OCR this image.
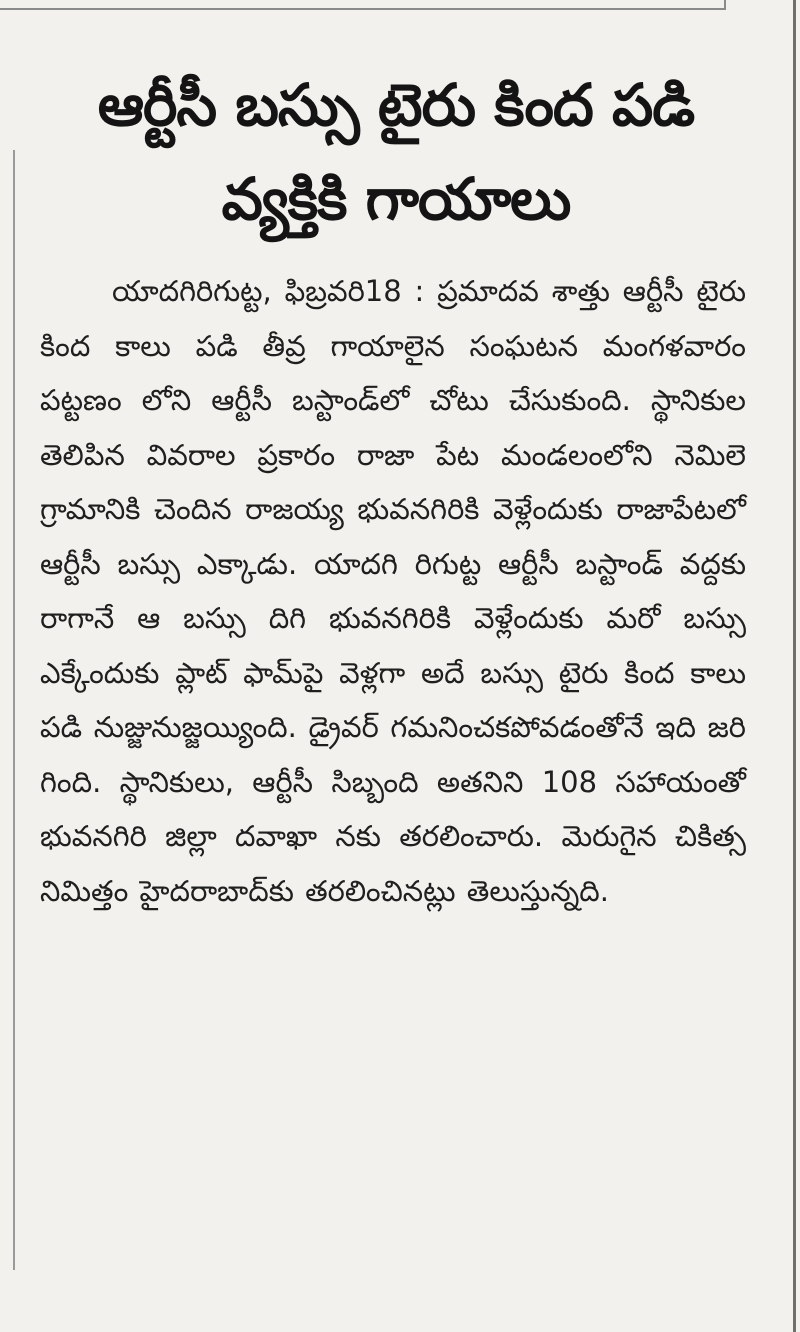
ఆర్టీసీ బస్సు టైరు కింద పడి
వ్యక్తికి గాయాలు

యాదగిరిగుట్ట, ఫిబ్రవరి18 : ప్రమాదవ శాత్తు ఆర్టీసీ టైరు కింద కాలు పడి తీవ్ర గాయాలైన సంఘటన మంగళవారం పట్టణం లోని ఆర్టీసీ బస్టాండ్‌లో చోటు చేసుకుంది. స్థానికుల తెలిపిన వివరాల ప్రకారం రాజా పేట మండలంలోని నెమిలె గ్రామానికి చెందిన రాజయ్య భువనగిరికి వెళ్లేందుకు రాజాపేటలో ఆర్టీసీ బస్సు ఎక్కాడు. యాదగి రిగుట్ట ఆర్టీసీ బస్టాండ్ వద్దకు రాగానే ఆ బస్సు దిగి భువనగిరికి వెళ్లేందుకు మరో బస్సు ఎక్కేందుకు ప్లాట్ ఫామ్‌పై వెళ్లగా అదే బస్సు టైరు కింద కాలు పడి నుజ్జునుజ్జయ్యింది. డ్రైవర్ గమనించకపోవడంతోనే ఇది జరి గింది. స్థానికులు, ఆర్టీసీ సిబ్బంది అతనిని 108 సహాయంతో భువనగిరి జిల్లా దవాఖా నకు తరలించారు. మెరుగైన చికిత్స నిమిత్తం హైదరాబాద్‌కు తరలించినట్లు తెలుస్తున్నది.
